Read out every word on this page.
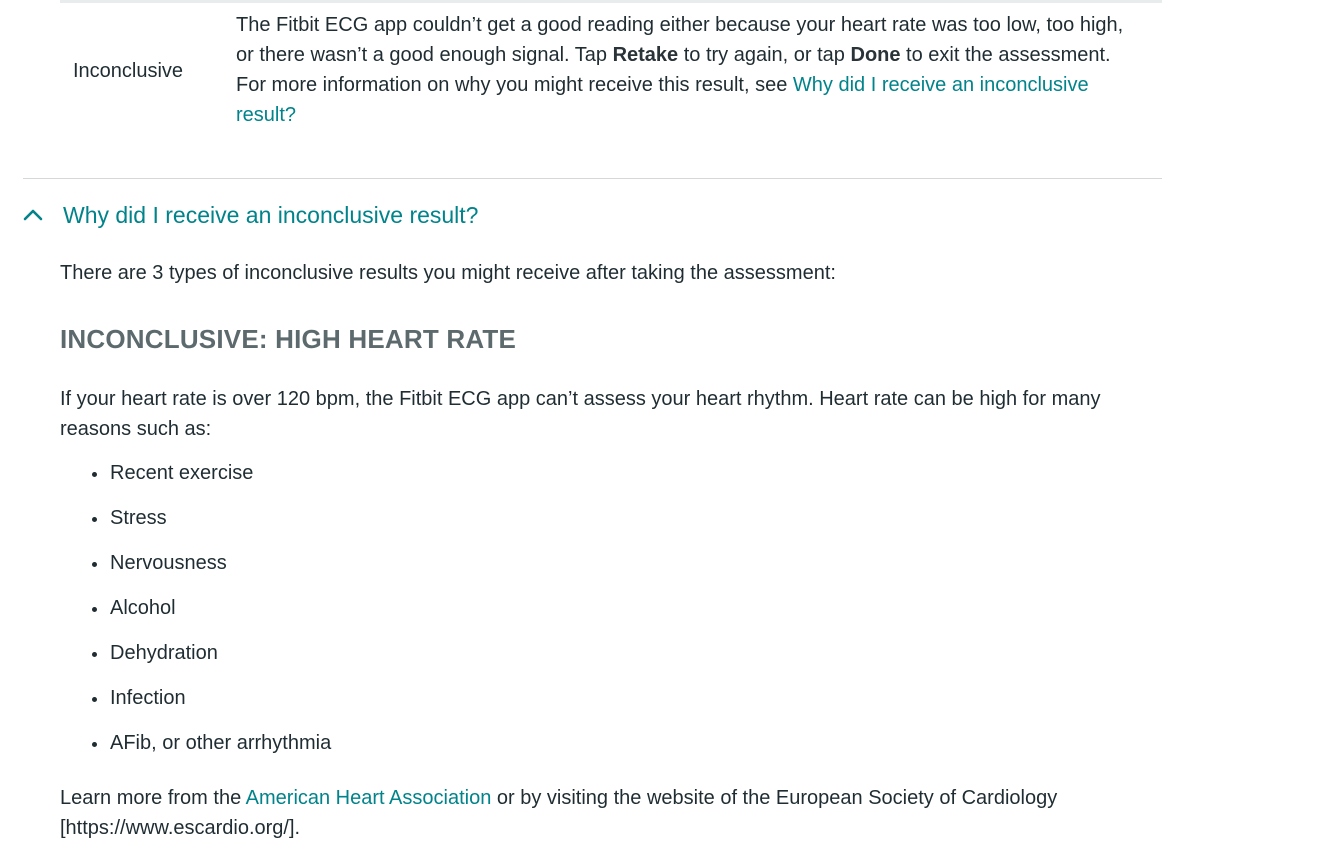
Inconclusive
The Fitbit ECG app couldn’t get a good reading either because your heart rate was too low, too high, or there wasn’t a good enough signal. Tap Retake to try again, or tap Done to exit the assessment. For more information on why you might receive this result, see Why did I receive an inconclusive result?
Why did I receive an inconclusive result?

There are 3 types of inconclusive results you might receive after taking the assessment:

INCONCLUSIVE: HIGH HEART RATE

If your heart rate is over 120 bpm, the Fitbit ECG app can’t assess your heart rhythm. Heart rate can be high for many reasons such as:

Recent exercise
Stress
Nervousness
Alcohol
Dehydration
Infection
AFib, or other arrhythmia

Learn more from the American Heart Association or by visiting the website of the European Society of Cardiology [https://www.escardio.org/].
